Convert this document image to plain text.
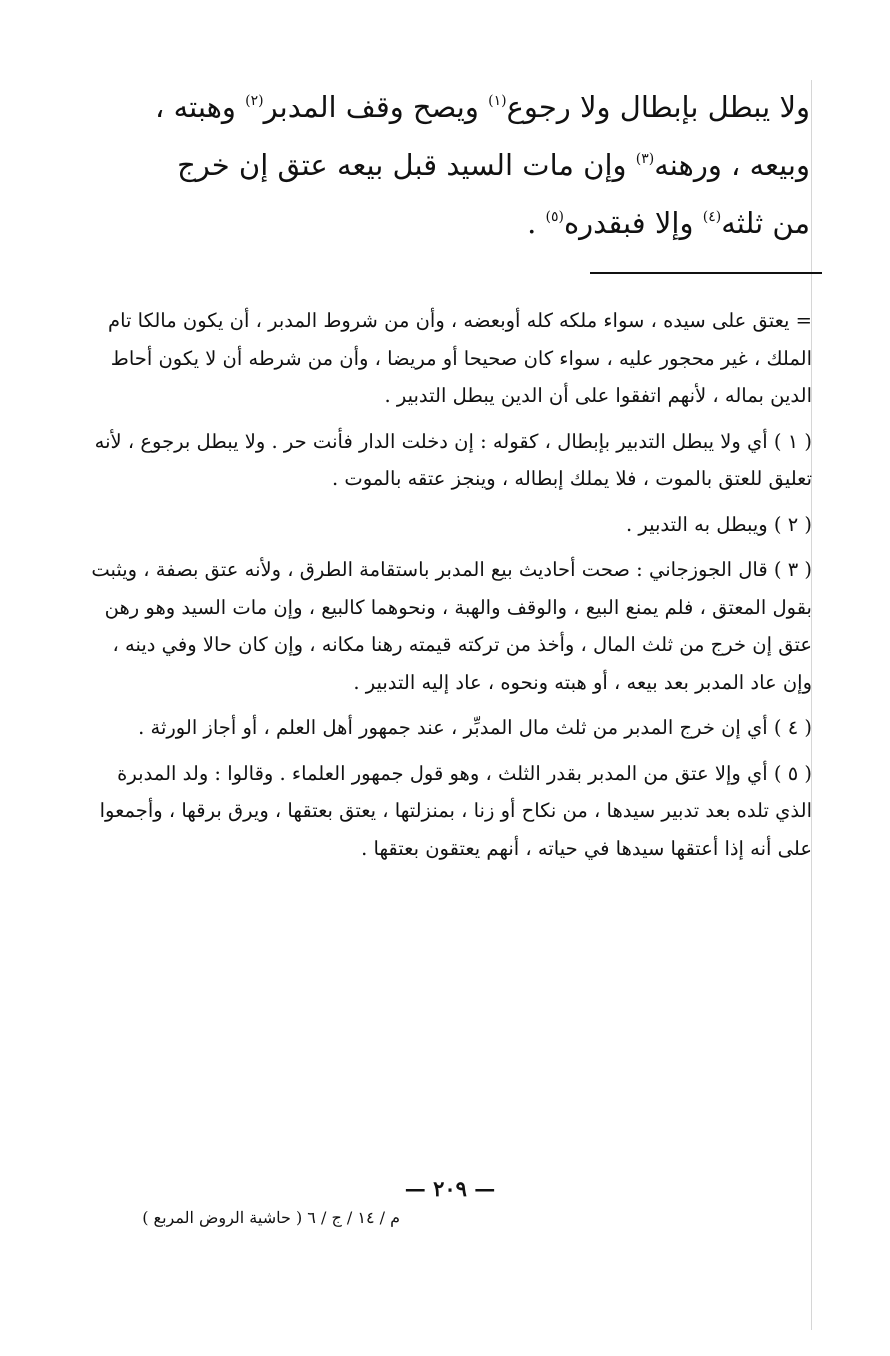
ولا يبطل بإبطال ولا رجوع$^{(١)}$ ويصح وقف المدبر$^{(٢)}$ وهبته ،
وبيعه ، ورهنه$^{(٣)}$ وإن مات السيد قبل بيعه عتق إن خرج
من ثلثه$^{(٤)}$ وإلا فبقدره$^{(٥)}$ .

= يعتق على سيده ، سواء ملكه كله أوبعضه ، وأن من شروط المدبر ، أن يكون مالكا تام الملك ، غير محجور عليه ، سواء كان صحيحا أو مريضا ، وأن من شرطه أن لا يكون أحاط الدين بماله ، لأنهم اتفقوا على أن الدين يبطل التدبير .

( ١ ) أي ولا يبطل التدبير بإبطال ، كقوله : إن دخلت الدار فأنت حر . ولا يبطل برجوع ، لأنه تعليق للعتق بالموت ، فلا يملك إبطاله ، وينجز عتقه بالموت .

( ٢ ) ويبطل به التدبير .

( ٣ ) قال الجوزجاني : صحت أحاديث بيع المدبر باستقامة الطرق ، ولأنه عتق بصفة ، ويثبت بقول المعتق ، فلم يمنع البيع ، والوقف والهبة ، ونحوهما كالبيع ، وإن مات السيد وهو رهن عتق إن خرج من ثلث المال ، وأخذ من تركته قيمته رهنا مكانه ، وإن كان حالا وفي دينه ، وإن عاد المدبر بعد بيعه ، أو هبته ونحوه ، عاد إليه التدبير .

( ٤ ) أي إن خرج المدبر من ثلث مال المدبِّر ، عند جمهور أهل العلم ، أو أجاز الورثة .

( ٥ ) أي وإلا عتق من المدبر بقدر الثلث ، وهو قول جمهور العلماء . وقالوا : ولد المدبرة الذي تلده بعد تدبير سيدها ، من نكاح أو زنا ، بمنزلتها ، يعتق بعتقها ، ويرق برقها ، وأجمعوا على أنه إذا أعتقها سيدها في حياته ، أنهم يعتقون بعتقها .

— ٢٠٩ —
م / ١٤ / ج / ٦ ( حاشية الروض المربع )
